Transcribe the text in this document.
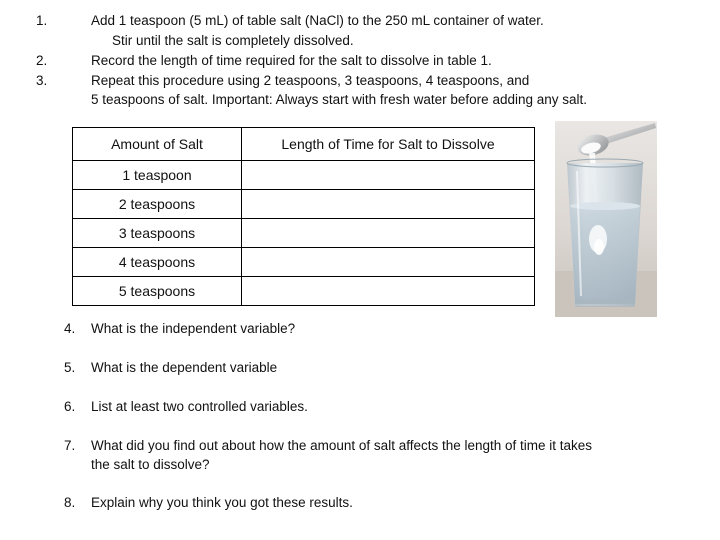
1.	Add 1 teaspoon (5 mL) of table salt (NaCl) to the 250 mL container of water.
Stir until the salt is completely dissolved.
2.	Record the length of time required for the salt to dissolve in table 1.
3.	Repeat this procedure using 2 teaspoons, 3 teaspoons, 4 teaspoons, and
5 teaspoons of salt. Important: Always start with fresh water before adding any salt.
Amount of Salt	Length of Time for Salt to Dissolve
1 teaspoon	
2 teaspoons	
3 teaspoons	
4 teaspoons	
5 teaspoons	
4. What is the independent variable?
5. What is the dependent variable
6. List at least two controlled variables.
7. What did you find out about how the amount of salt affects the length of time it takes
the salt to dissolve?
8. Explain why you think you got these results.
